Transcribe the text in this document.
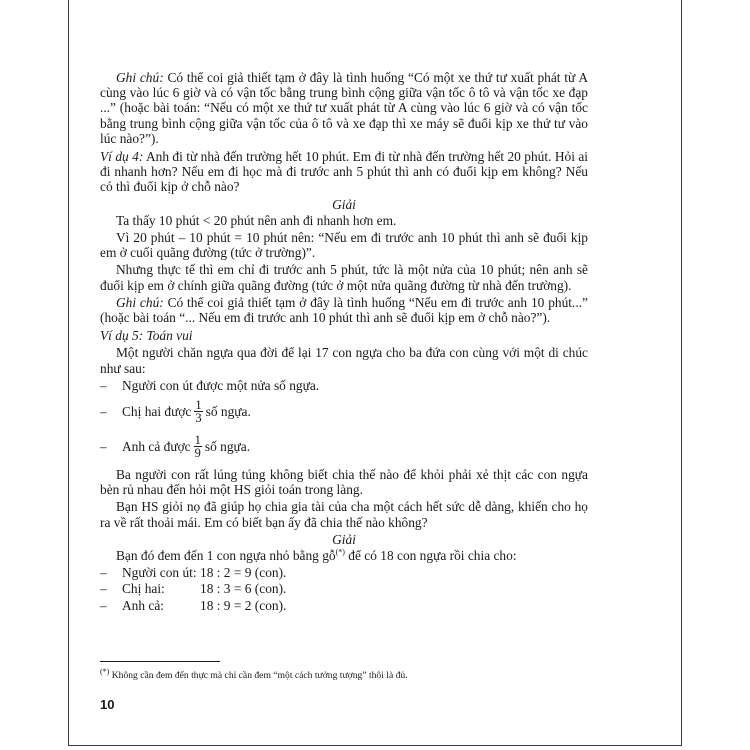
Ghi chú: Có thể coi giả thiết tạm ở đây là tình huống “Có một xe thứ tư xuất phát từ A cùng vào lúc 6 giờ và có vận tốc bằng trung bình cộng giữa vận tốc ô tô và vận tốc xe đạp ...” (hoặc bài toán: “Nếu có một xe thứ tư xuất phát từ A cùng vào lúc 6 giờ và có vận tốc bằng trung bình cộng giữa vận tốc của ô tô và xe đạp thì xe máy sẽ đuổi kịp xe thứ tư vào lúc nào?”).

Ví dụ 4: Anh đi từ nhà đến trường hết 10 phút. Em đi từ nhà đến trường hết 20 phút. Hỏi ai đi nhanh hơn? Nếu em đi học mà đi trước anh 5 phút thì anh có đuổi kịp em không? Nếu có thì đuổi kịp ở chỗ nào?

Giải

Ta thấy 10 phút < 20 phút nên anh đi nhanh hơn em.

Vì 20 phút – 10 phút = 10 phút nên: “Nếu em đi trước anh 10 phút thì anh sẽ đuổi kịp em ở cuối quãng đường (tức ở trường)”.

Nhưng thực tế thì em chỉ đi trước anh 5 phút, tức là một nửa của 10 phút; nên anh sẽ đuổi kịp em ở chính giữa quãng đường (tức ở một nửa quãng đường từ nhà đến trường).

Ghi chú: Có thể coi giả thiết tạm ở đây là tình huống “Nếu em đi trước anh 10 phút...” (hoặc bài toán “... Nếu em đi trước anh 10 phút thì anh sẽ đuổi kịp em ở chỗ nào?”).

Ví dụ 5: Toán vui

Một người chăn ngựa qua đời để lại 17 con ngựa cho ba đứa con cùng với một di chúc như sau:

–	Người con út được một nửa số ngựa.
–	Chị hai được $\frac{1}{3}$ số ngựa.
–	Anh cả được $\frac{1}{9}$ số ngựa.

Ba người con rất lúng túng không biết chia thế nào để khỏi phải xẻ thịt các con ngựa bèn rủ nhau đến hỏi một HS giỏi toán trong làng.

Bạn HS giỏi nọ đã giúp họ chia gia tài của cha một cách hết sức dễ dàng, khiến cho họ ra về rất thoải mái. Em có biết bạn ấy đã chia thế nào không?

Giải

Bạn đó đem đến 1 con ngựa nhỏ bằng gỗ(*) để có 18 con ngựa rồi chia cho:

–	Người con út: 18 : 2 = 9 (con).
–	Chị hai:	18 : 3 = 6 (con).
–	Anh cả:	18 : 9 = 2 (con).
(*) Không cần đem đến thực mà chỉ cần đem “một cách tưởng tượng” thôi là đủ.
10
